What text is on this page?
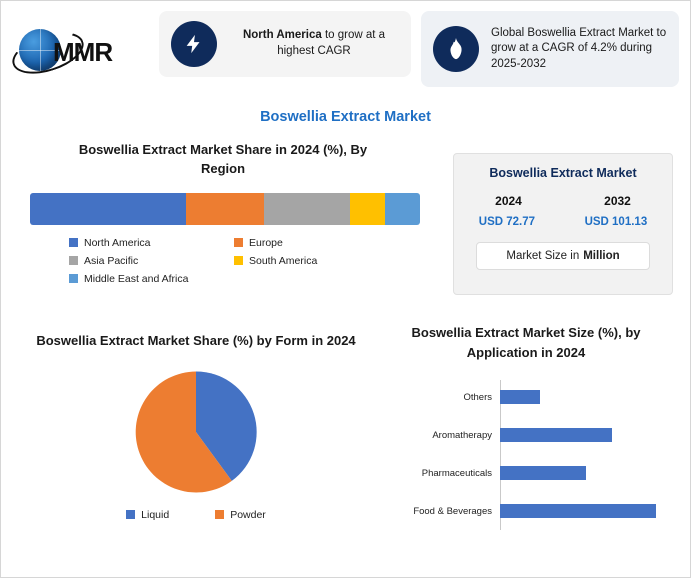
MMR
North America to grow at a highest CAGR
Global Boswellia Extract Market to grow at a CAGR of 4.2% during 2025-2032
Boswellia Extract Market
Boswellia Extract Market Share in 2024 (%), By Region
North America	Europe
Asia Pacific	South America
Middle East and Africa
Boswellia Extract Market
2024	2032
USD 72.77	USD 101.13
Market Size in Million
Boswellia Extract Market Share (%) by Form in 2024
Liquid	Powder
Boswellia Extract Market Size (%), by Application in 2024
Others
Aromatherapy
Pharmaceuticals
Food & Beverages
